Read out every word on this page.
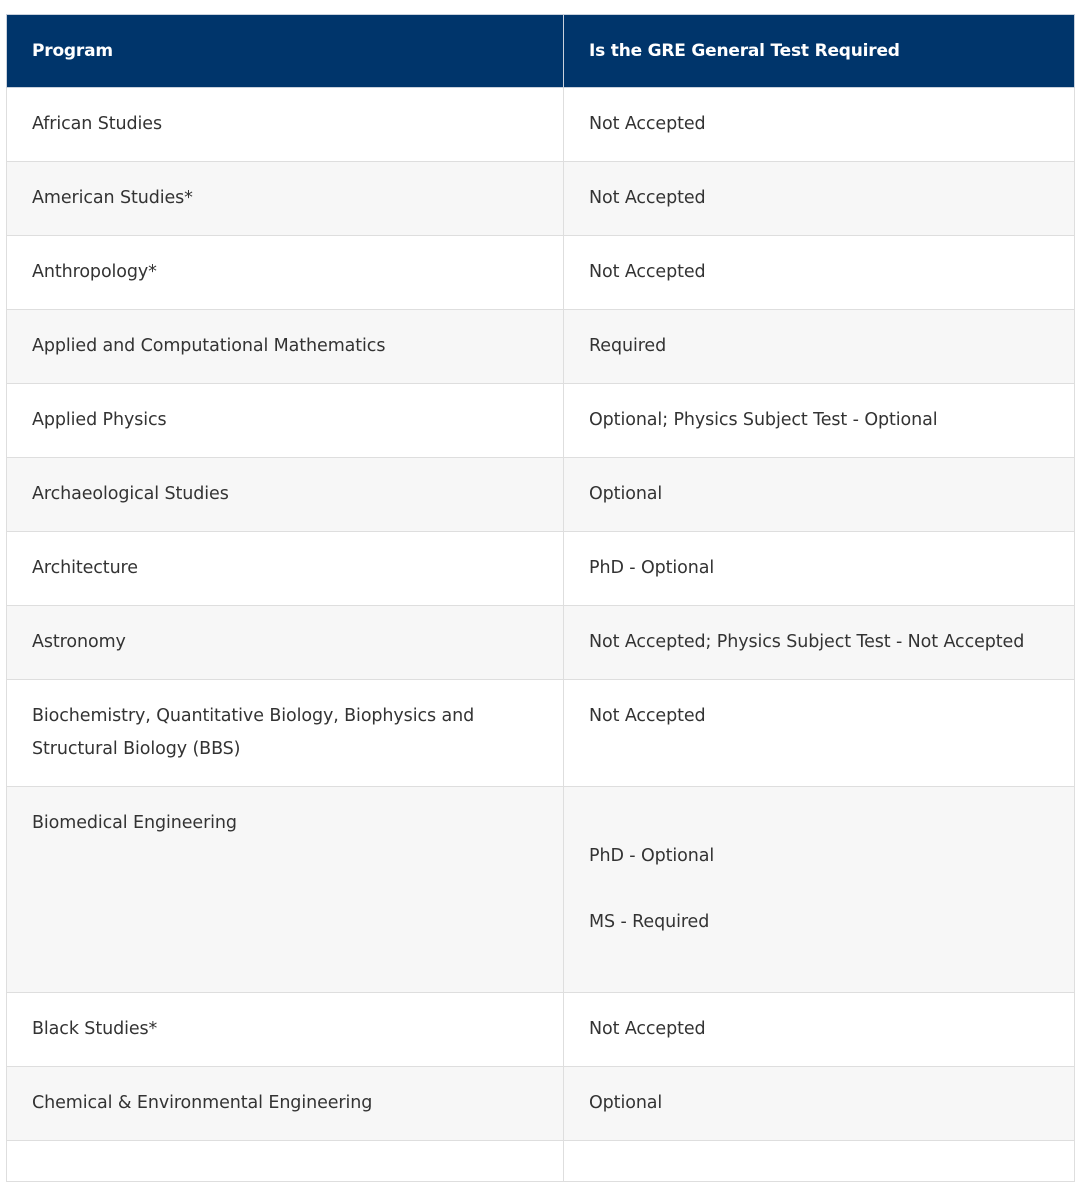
Program	Is the GRE General Test Required

African Studies	Not Accepted

American Studies*	Not Accepted

Anthropology*	Not Accepted

Applied and Computational Mathematics	Required

Applied Physics	Optional; Physics Subject Test - Optional

Archaeological Studies	Optional

Architecture	PhD - Optional

Astronomy	Not Accepted; Physics Subject Test - Not Accepted

Biochemistry, Quantitative Biology, Biophysics and Structural Biology (BBS)	Not Accepted

Biomedical Engineering	PhD - Optional

MS - Required

Black Studies*	Not Accepted

Chemical & Environmental Engineering	Optional
